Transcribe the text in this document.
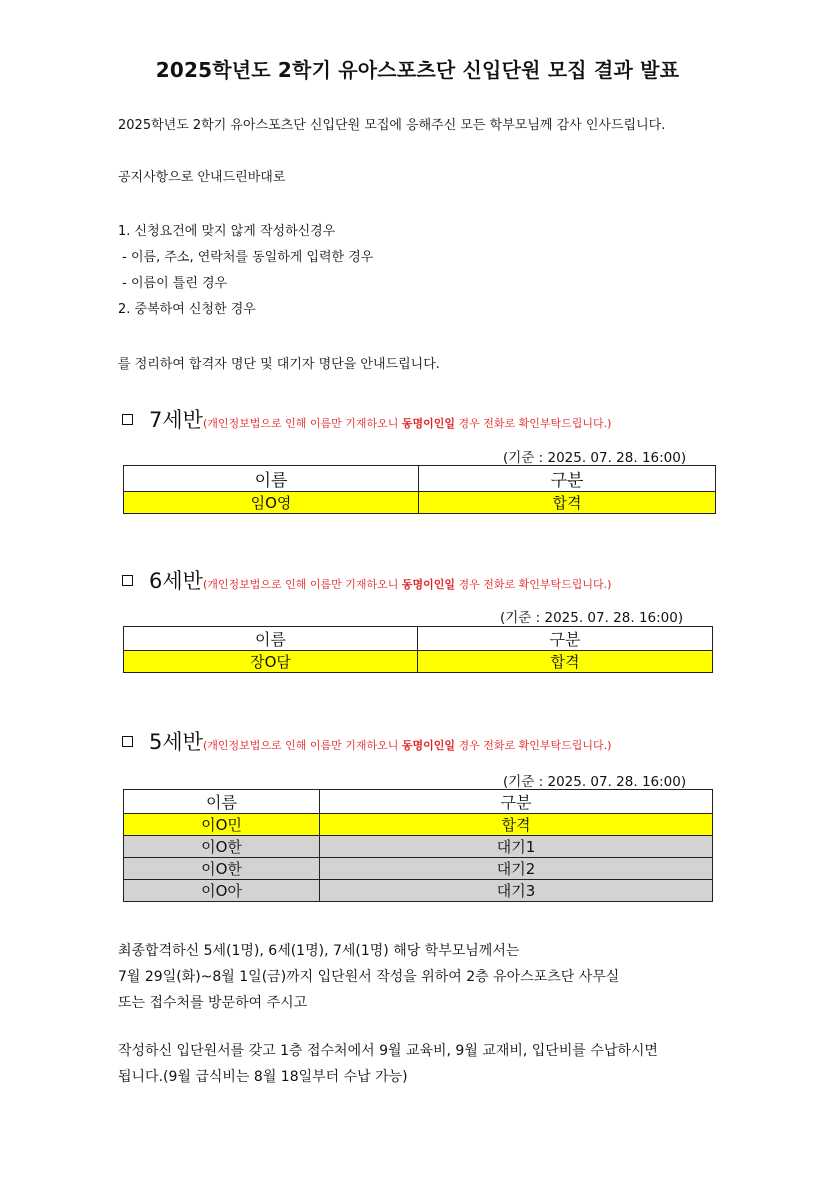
2025학년도 2학기 유아스포츠단 신입단원 모집 결과 발표
2025학년도 2학기 유아스포츠단 신입단원 모집에 응해주신 모든 학부모님께 감사 인사드립니다.
공지사항으로 안내드린바대로
1. 신청요건에 맞지 않게 작성하신경우
- 이름, 주소, 연락처를 동일하게 입력한 경우
- 이름이 틀린 경우
2. 중복하여 신청한 경우
를 정리하여 합격자 명단 및 대기자 명단을 안내드립니다.
7세반(개인정보법으로 인해 이름만 기재하오니 동명이인일 경우 전화로 확인부탁드립니다.)
(기준 : 2025. 07. 28. 16:00)
이름	구분
임O영	합격
6세반(개인정보법으로 인해 이름만 기재하오니 동명이인일 경우 전화로 확인부탁드립니다.)
(기준 : 2025. 07. 28. 16:00)
이름	구분
장O담	합격
5세반(개인정보법으로 인해 이름만 기재하오니 동명이인일 경우 전화로 확인부탁드립니다.)
(기준 : 2025. 07. 28. 16:00)
이름	구분
이O민	합격
이O한	대기1
이O한	대기2
이O아	대기3
최종합격하신 5세(1명), 6세(1명), 7세(1명) 해당 학부모님께서는
7월 29일(화)~8월 1일(금)까지 입단원서 작성을 위하여 2층 유아스포츠단 사무실
또는 접수처를 방문하여 주시고
작성하신 입단원서를 갖고 1층 접수처에서 9월 교육비, 9월 교재비, 입단비를 수납하시면
됩니다.(9월 급식비는 8월 18일부터 수납 가능)
